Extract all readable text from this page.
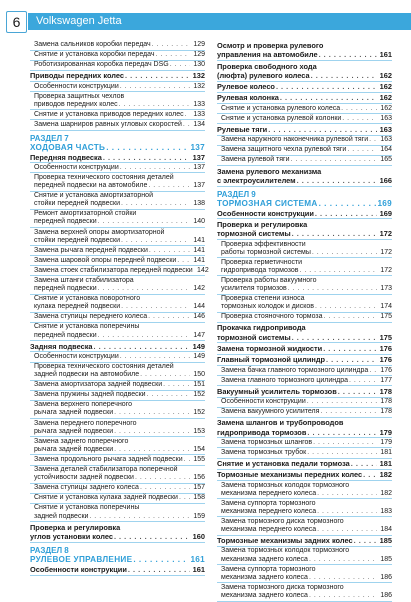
6	Volkswagen Jetta
Замена сальников коробки передач . . .	129
Снятие и установка коробки передач . . .	129
Роботизированная коробка передач DSG . . .	130
Приводы передних колес . . .	132
Особенности конструкции . . .	132
Проверка защитных чехлов
приводов передних колес . . .	133
Снятие и установка приводов передних колес . . .	133
Замена шарниров равных угловых скоростей . . .	134
РАЗДЕЛ 7
ХОДОВАЯ ЧАСТЬ . . .	137
Передняя подвеска . . .	137
Особенности конструкции . . .	137
Проверка технического состояния деталей
передней подвески на автомобиле . . .	137
Снятие и установка амортизаторной
стойки передней подвески . . .	138
Ремонт амортизаторной стойки
передней подвески . . .	140
Замена верхней опоры амортизаторной
стойки передней подвески . . .	141
Замена рычага передней подвески . . .	141
Замена шаровой опоры передней подвески . . .	141
Замена стоек стабилизатора передней подвески 142
Замена штанги стабилизатора
передней подвески . . .	142
Снятие и установка поворотного
кулака передней подвески . . .	144
Замена ступицы переднего колеса . . .	146
Снятие и установка поперечины
передней подвески . . .	147
Задняя подвеска . . .	149
Особенности конструкции . . .	149
Проверка технического состояния деталей
задней подвески на автомобиле . . .	150
Замена амортизатора задней подвески . . .	151
Замена пружины задней подвески . . .	152
Замена верхнего поперечного
рычага задней подвески . . .	152
Замена переднего поперечного
рычага задней подвески . . .	153
Замена заднего поперечного
рычага задней подвески . . .	154
Замена продольного рычага задней подвески . . .	155
Замена деталей стабилизатора поперечной
устойчивости задней подвески . . .	156
Замена ступицы заднего колеса . . .	157
Снятие и установка кулака задней подвески . . .	158
Снятие и установка поперечины
задней подвески . . .	159
Проверка и регулировка
углов установки колес . . .	160
РАЗДЕЛ 8
РУЛЕВОЕ УПРАВЛЕНИЕ . . .	161
Особенности конструкции . . .	161
Осмотр и проверка рулевого
управления на автомобиле . . .	161
Проверка свободного хода
(люфта) рулевого колеса . . .	162
Рулевое колесо . . .	162
Рулевая колонка . . .	162
Снятие и установка рулевого колеса . . .	162
Снятие и установка рулевой колонки . . .	163
Рулевые тяги . . .	163
Замена наружного наконечника рулевой тяги . . .	163
Замена защитного чехла рулевой тяги . . .	164
Замена рулевой тяги . . .	165
Замена рулевого механизма
с электроусилителем . . .	166
РАЗДЕЛ 9
ТОРМОЗНАЯ СИСТЕМА . . .	169
Особенности конструкции . . .	169
Проверка и регулировка
тормозной системы . . .	172
Проверка эффективности
работы тормозной системы . . .	172
Проверка герметичности
гидропривода тормозов . . .	172
Проверка работы вакуумного
усилителя тормозов . . .	173
Проверка степени износа
тормозных колодок и дисков . . .	174
Проверка стояночного тормоза . . .	175
Прокачка гидропривода
тормозной системы . . .	175
Замена тормозной жидкости . . .	176
Главный тормозной цилиндр . . .	176
Замена бачка главного тормозного цилиндра . . .	176
Замена главного тормозного цилиндра . . .	177
Вакуумный усилитель тормозов . . .	178
Особенности конструкции . . .	178
Замена вакуумного усилителя . . .	178
Замена шлангов и трубопроводов
гидропривода тормозов . . .	179
Замена тормозных шлангов . . .	179
Замена тормозных трубок . . .	181
Снятие и установка педали тормоза . . .	181
Тормозные механизмы передних колес . . . 182
Замена тормозных колодок тормозного
механизма переднего колеса . . .	182
Замена суппорта тормозного
механизма переднего колеса . . .	183
Замена тормозного диска тормозного
механизма переднего колеса . . .	184
Тормозные механизмы задних колес . . .	185
Замена тормозных колодок тормозного
механизма заднего колеса . . .	185
Замена суппорта тормозного
механизма заднего колеса . . .	186
Замена тормозного диска тормозного
механизма заднего колеса . . .	186
